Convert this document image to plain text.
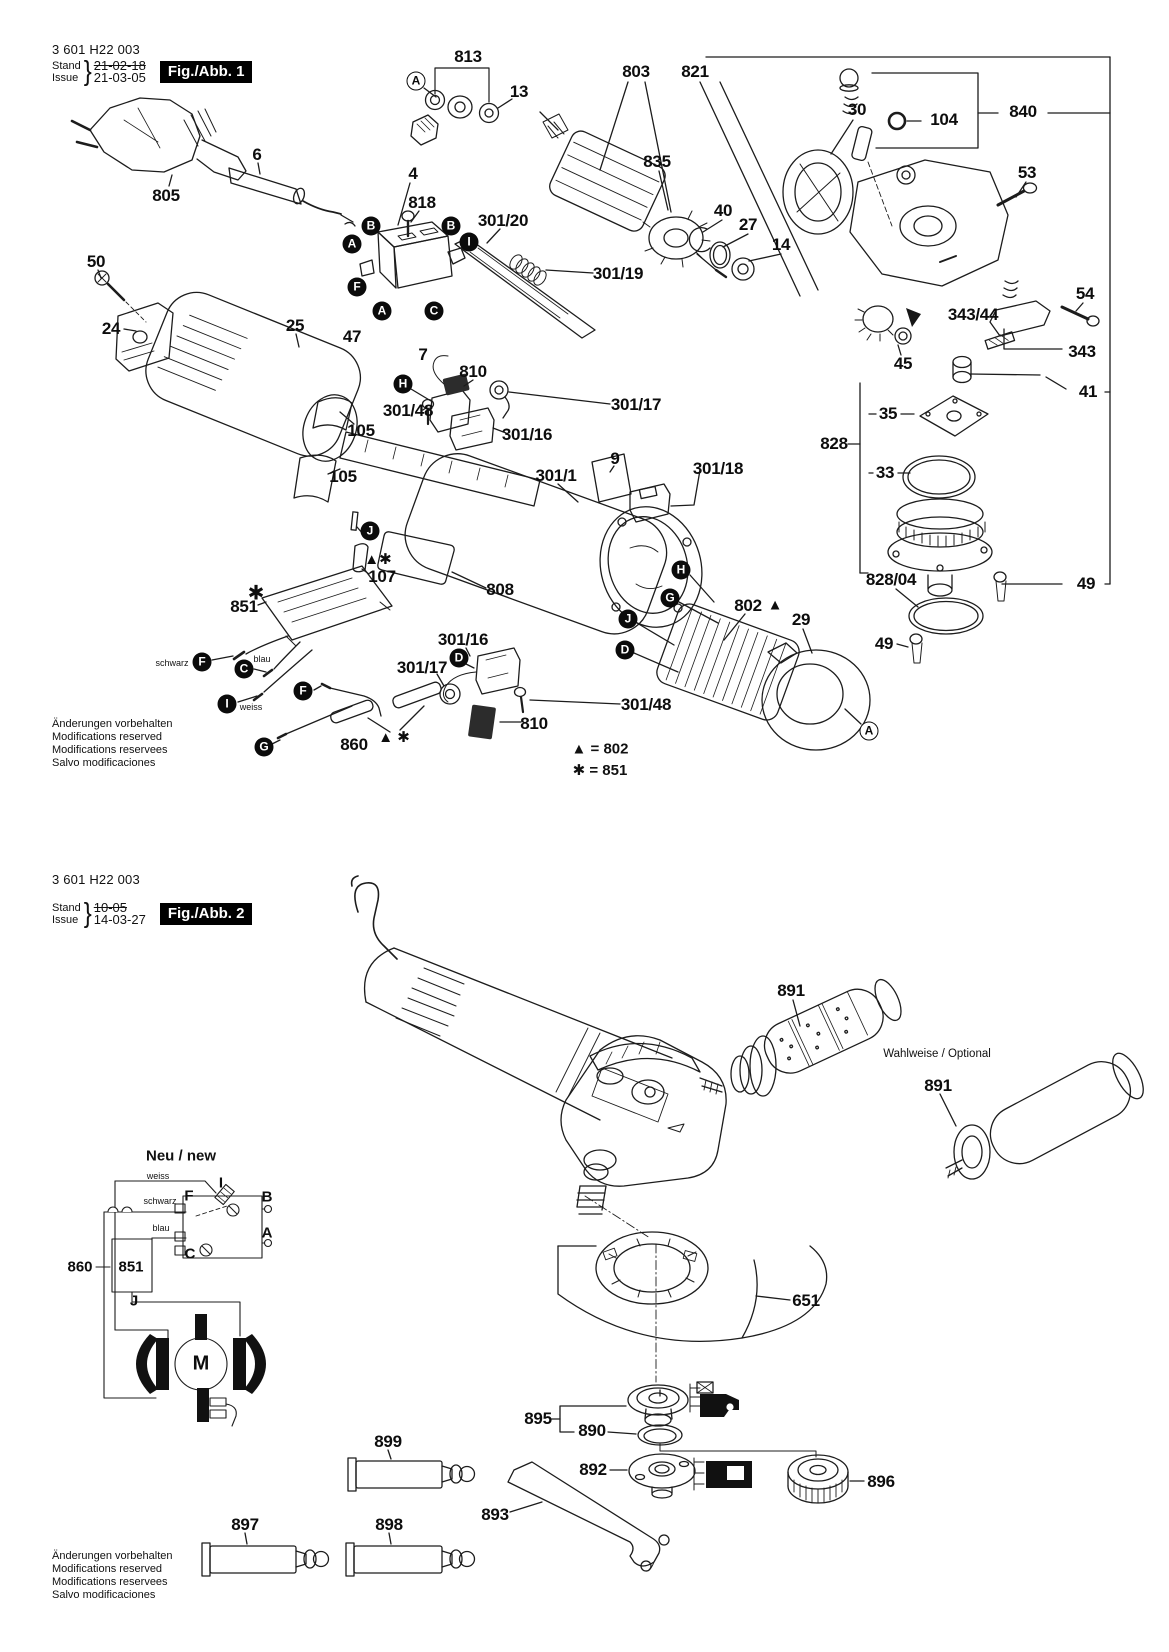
3 601 H22 003
Stand
Issue } 21-02-18
21-03-05	Fig./Abb. 1
813
13
803 821
835
30
104	840
53
6
805
4
818
301/20
301/19
40
27
14
54
343/44
343
45
41
50
24	25
47
7
810
301/17
301/48
301/16
35
828
33
105
105
9
301/1	301/18
808
107
851
828/04	49
49
802
29
301/16
301/17
301/48
810
860
schwarz	blau
weiss
✱
▲✱
▲ ✱
▲
▲ = 802
✱ = 851
A
B
A
B
I
F
A	C
H
J
D
F	C
I
F
G
H
G
J
D
A
Änderungen vorbehalten
Modifications reserved
Modifications reservees
Salvo modificaciones
3 601 H22 003
Stand
Issue } 10-05
14-03-27	Fig./Abb. 2
891
891
651
895
890
892
896
893
899
897	898
Wahlweise / Optional
Neu / new
I
F	B
A
C
J
M
weiss
schwarz
blau
860 851
Änderungen vorbehalten
Modifications reserved
Modifications reservees
Salvo modificaciones
